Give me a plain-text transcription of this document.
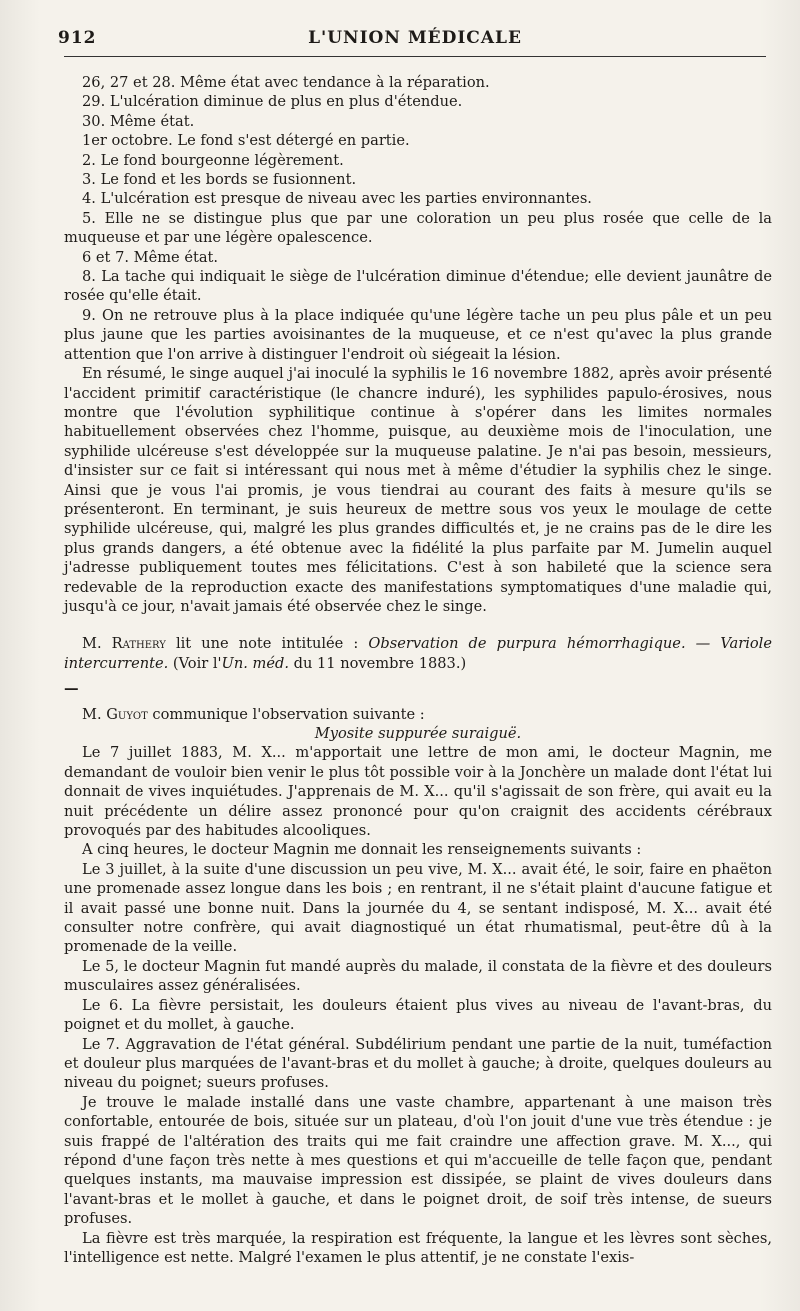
912	L'UNION MÉDICALE

26, 27 et 28. Même état avec tendance à la réparation.

29. L'ulcération diminue de plus en plus d'étendue.

30. Même état.

1er octobre. Le fond s'est détergé en partie.

2. Le fond bourgeonne légèrement.

3. Le fond et les bords se fusionnent.

4. L'ulcération est presque de niveau avec les parties environnantes.

5. Elle ne se distingue plus que par une coloration un peu plus rosée que celle de la muqueuse et par une légère opalescence.

6 et 7. Même état.

8. La tache qui indiquait le siège de l'ulcération diminue d'étendue; elle devient jaunâtre de rosée qu'elle était.

9. On ne retrouve plus à la place indiquée qu'une légère tache un peu plus pâle et un peu plus jaune que les parties avoisinantes de la muqueuse, et ce n'est qu'avec la plus grande attention que l'on arrive à distinguer l'endroit où siégeait la lésion.

En résumé, le singe auquel j'ai inoculé la syphilis le 16 novembre 1882, après avoir présenté l'accident primitif caractéristique (le chancre induré), les syphilides papulo-érosives, nous montre que l'évolution syphilitique continue à s'opérer dans les limites normales habituellement observées chez l'homme, puisque, au deuxième mois de l'inoculation, une syphilide ulcéreuse s'est développée sur la muqueuse palatine. Je n'ai pas besoin, messieurs, d'insister sur ce fait si intéressant qui nous met à même d'étudier la syphilis chez le singe. Ainsi que je vous l'ai promis, je vous tiendrai au courant des faits à mesure qu'ils se présenteront. En terminant, je suis heureux de mettre sous vos yeux le moulage de cette syphilide ulcéreuse, qui, malgré les plus grandes difficultés et, je ne crains pas de le dire les plus grands dangers, a été obtenue avec la fidélité la plus parfaite par M. Jumelin auquel j'adresse publiquement toutes mes félicitations. C'est à son habileté que la science sera redevable de la reproduction exacte des manifestations symptomatiques d'une maladie qui, jusqu'à ce jour, n'avait jamais été observée chez le singe.

M. Rathery lit une note intitulée : Observation de purpura hémorrhagique. — Variole intercurrente. (Voir l'Un. méd. du 11 novembre 1883.)

—

M. Guyot communique l'observation suivante :

Myosite suppurée suraiguë.

Le 7 juillet 1883, M. X... m'apportait une lettre de mon ami, le docteur Magnin, me demandant de vouloir bien venir le plus tôt possible voir à la Jonchère un malade dont l'état lui donnait de vives inquiétudes. J'apprenais de M. X... qu'il s'agissait de son frère, qui avait eu la nuit précédente un délire assez prononcé pour qu'on craignit des accidents cérébraux provoqués par des habitudes alcooliques.

A cinq heures, le docteur Magnin me donnait les renseignements suivants :

Le 3 juillet, à la suite d'une discussion un peu vive, M. X... avait été, le soir, faire en phaëton une promenade assez longue dans les bois ; en rentrant, il ne s'était plaint d'aucune fatigue et il avait passé une bonne nuit. Dans la journée du 4, se sentant indisposé, M. X... avait été consulter notre confrère, qui avait diagnostiqué un état rhumatismal, peut-être dû à la promenade de la veille.

Le 5, le docteur Magnin fut mandé auprès du malade, il constata de la fièvre et des douleurs musculaires assez généralisées.

Le 6. La fièvre persistait, les douleurs étaient plus vives au niveau de l'avant-bras, du poignet et du mollet, à gauche.

Le 7. Aggravation de l'état général. Subdélirium pendant une partie de la nuit, tuméfaction et douleur plus marquées de l'avant-bras et du mollet à gauche; à droite, quelques douleurs au niveau du poignet; sueurs profuses.

Je trouve le malade installé dans une vaste chambre, appartenant à une maison très confortable, entourée de bois, située sur un plateau, d'où l'on jouit d'une vue très étendue : je suis frappé de l'altération des traits qui me fait craindre une affection grave. M. X..., qui répond d'une façon très nette à mes questions et qui m'accueille de telle façon que, pendant quelques instants, ma mauvaise impression est dissipée, se plaint de vives douleurs dans l'avant-bras et le mollet à gauche, et dans le poignet droit, de soif très intense, de sueurs profuses.

La fièvre est très marquée, la respiration est fréquente, la langue et les lèvres sont sèches, l'intelligence est nette. Malgré l'examen le plus attentif, je ne constate l'exis-
